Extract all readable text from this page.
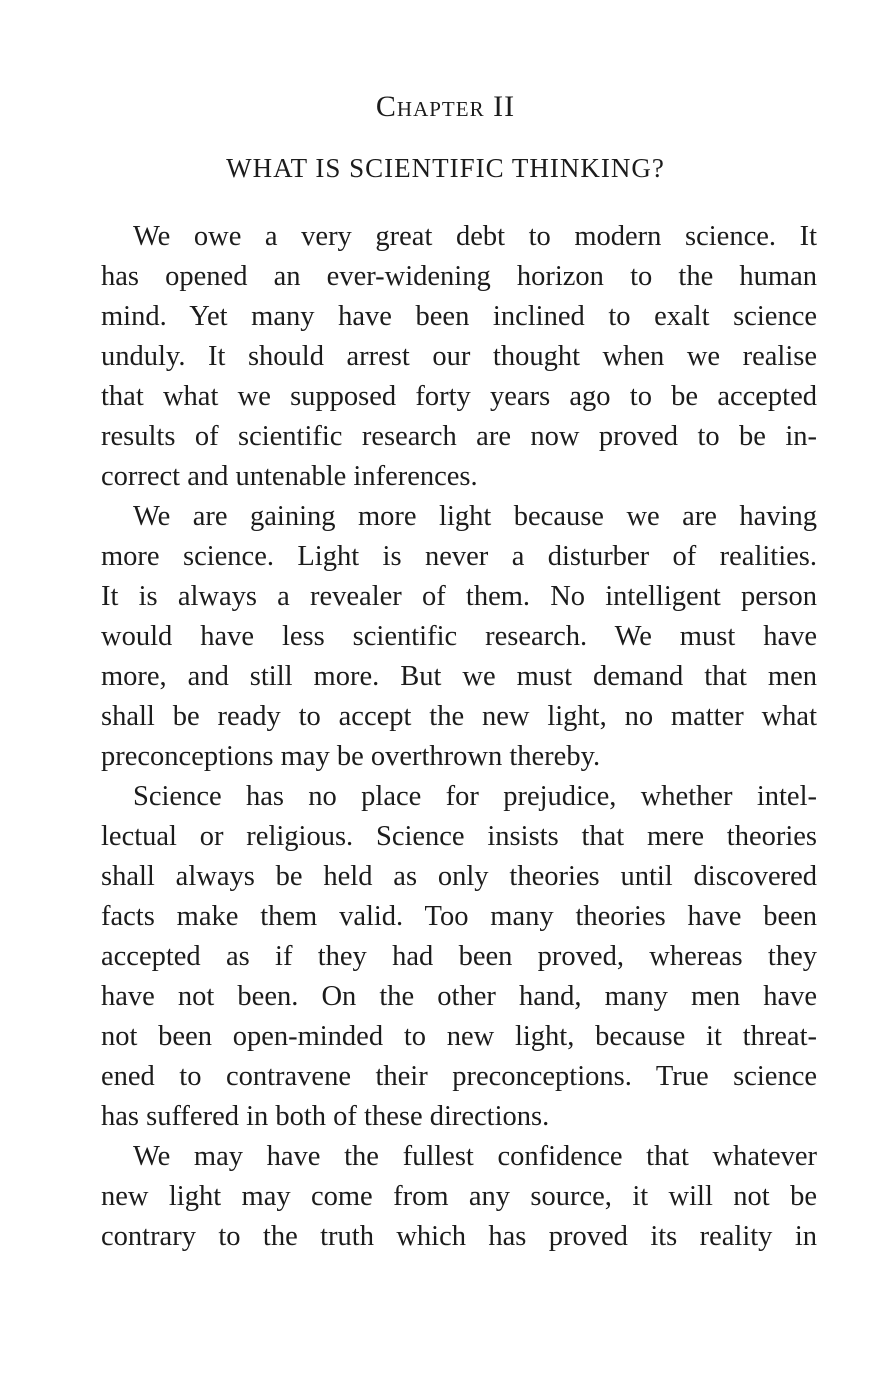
Chapter II
WHAT IS SCIENTIFIC THINKING?
We owe a very great debt to modern science. It
has opened an ever-widening horizon to the human
mind. Yet many have been inclined to exalt science
unduly. It should arrest our thought when we realise
that what we supposed forty years ago to be accepted
results of scientific research are now proved to be in-
correct and untenable inferences.
We are gaining more light because we are having
more science. Light is never a disturber of realities.
It is always a revealer of them. No intelligent person
would have less scientific research. We must have
more, and still more. But we must demand that men
shall be ready to accept the new light, no matter what
preconceptions may be overthrown thereby.
Science has no place for prejudice, whether intel-
lectual or religious. Science insists that mere theories
shall always be held as only theories until discovered
facts make them valid. Too many theories have been
accepted as if they had been proved, whereas they
have not been. On the other hand, many men have
not been open-minded to new light, because it threat-
ened to contravene their preconceptions. True science
has suffered in both of these directions.
We may have the fullest confidence that whatever
new light may come from any source, it will not be
contrary to the truth which has proved its reality in
